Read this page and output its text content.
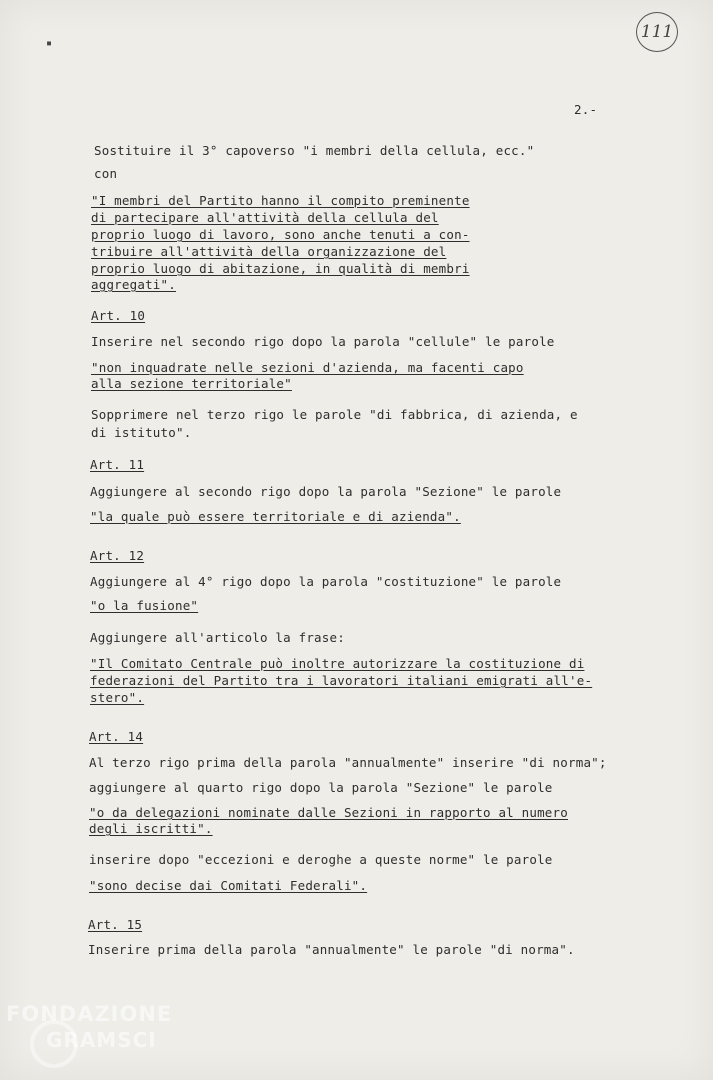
111
▪
2.-
Sostituire il 3° capoverso "i membri della cellula, ecc."
con
"I membri del Partito hanno il compito preminente
di partecipare all'attività della cellula del
proprio luogo di lavoro, sono anche tenuti a con-
tribuire all'attività della organizzazione del
proprio luogo di abitazione, in qualità di membri
aggregati".
Art. 10
Inserire nel secondo rigo dopo la parola "cellule" le parole
"non inquadrate nelle sezioni d'azienda, ma facenti capo
alla sezione territoriale"
Sopprimere nel terzo rigo le parole "di fabbrica, di azienda, e
di istituto".
Art. 11
Aggiungere al secondo rigo dopo la parola "Sezione" le parole
"la quale può essere territoriale e di azienda".
Art. 12
Aggiungere al 4° rigo dopo la parola "costituzione" le parole
"o la fusione"
Aggiungere all'articolo la frase:
"Il Comitato Centrale può inoltre autorizzare la costituzione di
federazioni del Partito tra i lavoratori italiani emigrati all'e-
stero".
Art. 14
Al terzo rigo prima della parola "annualmente" inserire "di norma";
aggiungere al quarto rigo dopo la parola "Sezione" le parole
"o da delegazioni nominate dalle Sezioni in rapporto al numero
degli iscritti".
inserire dopo "eccezioni e deroghe a queste norme" le parole
"sono decise dai Comitati Federali".
Art. 15
Inserire prima della parola "annualmente" le parole "di norma".
FONDAZIONE
GRAMSCI
